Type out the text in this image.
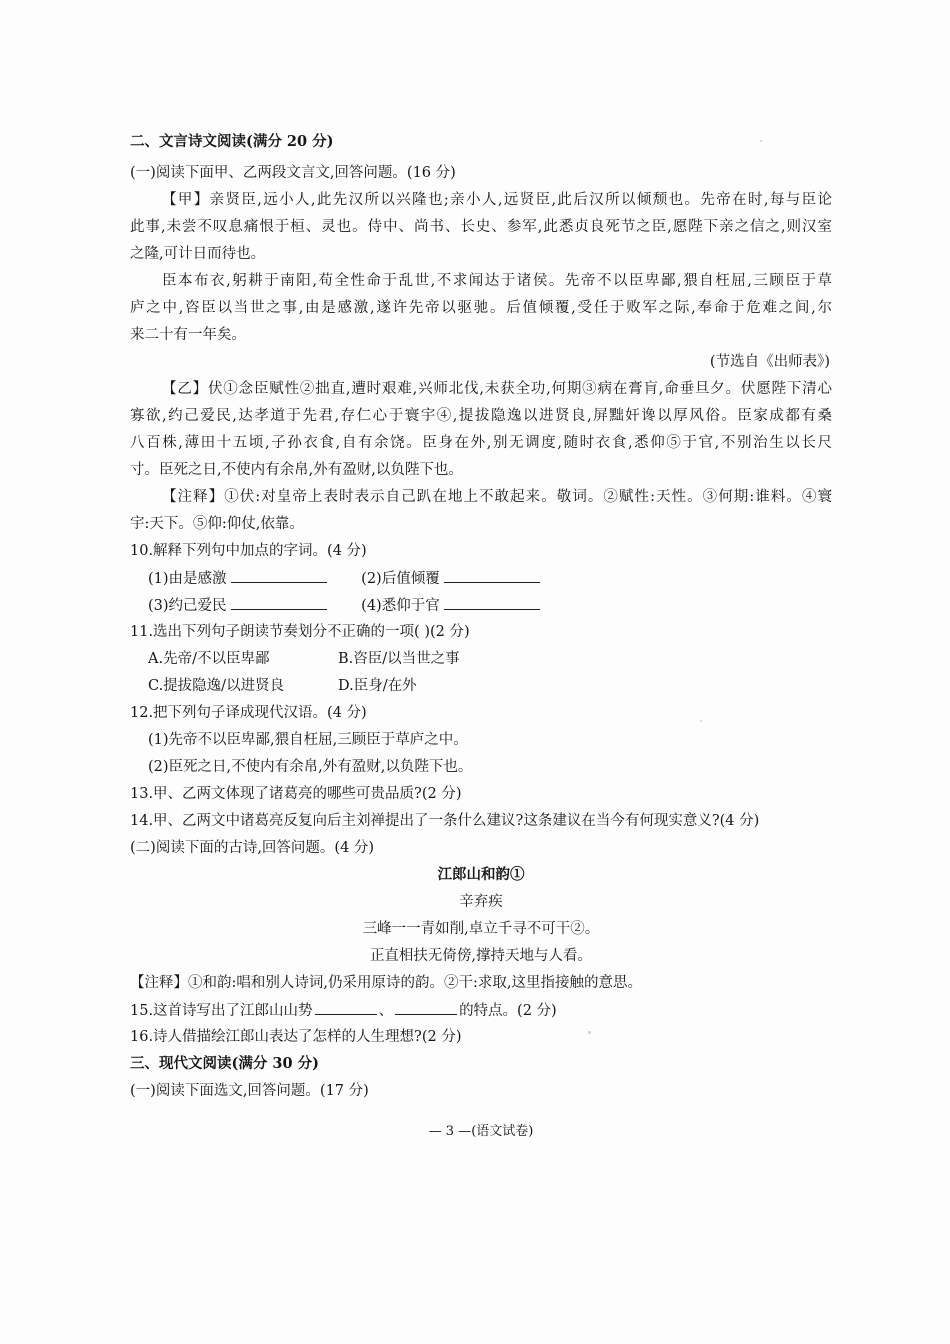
二、文言诗文阅读(满分 20 分)
(一)阅读下面甲、乙两段文言文,回答问题。(16 分)
【甲】亲贤臣,远小人,此先汉所以兴隆也;亲小人,远贤臣,此后汉所以倾颓也。先帝在时,每与臣论
此事,未尝不叹息痛恨于桓、灵也。侍中、尚书、长史、参军,此悉贞良死节之臣,愿陛下亲之信之,则汉室
之隆,可计日而待也。
臣本布衣,躬耕于南阳,苟全性命于乱世,不求闻达于诸侯。先帝不以臣卑鄙,猥自枉屈,三顾臣于草
庐之中,咨臣以当世之事,由是感激,遂许先帝以驱驰。后值倾覆,受任于败军之际,奉命于危难之间,尔
来二十有一年矣。
(节选自《出师表》)
【乙】伏①念臣赋性②拙直,遭时艰难,兴师北伐,未获全功,何期③病在膏肓,命垂旦夕。伏愿陛下清心
寡欲,约己爱民,达孝道于先君,存仁心于寰宇④,提拔隐逸以进贤良,屏黜奸谗以厚风俗。臣家成都有桑
八百株,薄田十五顷,子孙衣食,自有余饶。臣身在外,别无调度,随时衣食,悉仰⑤于官,不别治生以长尺
寸。臣死之日,不使内有余帛,外有盈财,以负陛下也。
【注释】①伏:对皇帝上表时表示自己趴在地上不敢起来。敬词。②赋性:天性。③何期:谁料。④寰
宇:天下。⑤仰:仰仗,依靠。
10.解释下列句中加点的字词。(4 分)
(1)由是感激	(2)后值倾覆
(3)约己爱民	(4)悉仰于官
11.选出下列句子朗读节奏划分不正确的一项( )(2 分)
A.先帝/不以臣卑鄙	B.咨臣/以当世之事
C.提拔隐逸/以进贤良	D.臣身/在外
12.把下列句子译成现代汉语。(4 分)
(1)先帝不以臣卑鄙,猥自枉屈,三顾臣于草庐之中。
(2)臣死之日,不使内有余帛,外有盈财,以负陛下也。
13.甲、乙两文体现了诸葛亮的哪些可贵品质?(2 分)
14.甲、乙两文中诸葛亮反复向后主刘禅提出了一条什么建议?这条建议在当今有何现实意义?(4 分)
(二)阅读下面的古诗,回答问题。(4 分)
江郎山和韵①
辛弃疾
三峰一一青如削,卓立千寻不可干②。
正直相扶无倚傍,撑持天地与人看。
【注释】①和韵:唱和别人诗词,仍采用原诗的韵。②干:求取,这里指接触的意思。
15.这首诗写出了江郎山山势	、	的特点。(2 分)
16.诗人借描绘江郎山表达了怎样的人生理想?(2 分)
三、现代文阅读(满分 30 分)
(一)阅读下面选文,回答问题。(17 分)
— 3 —(语文试卷)
